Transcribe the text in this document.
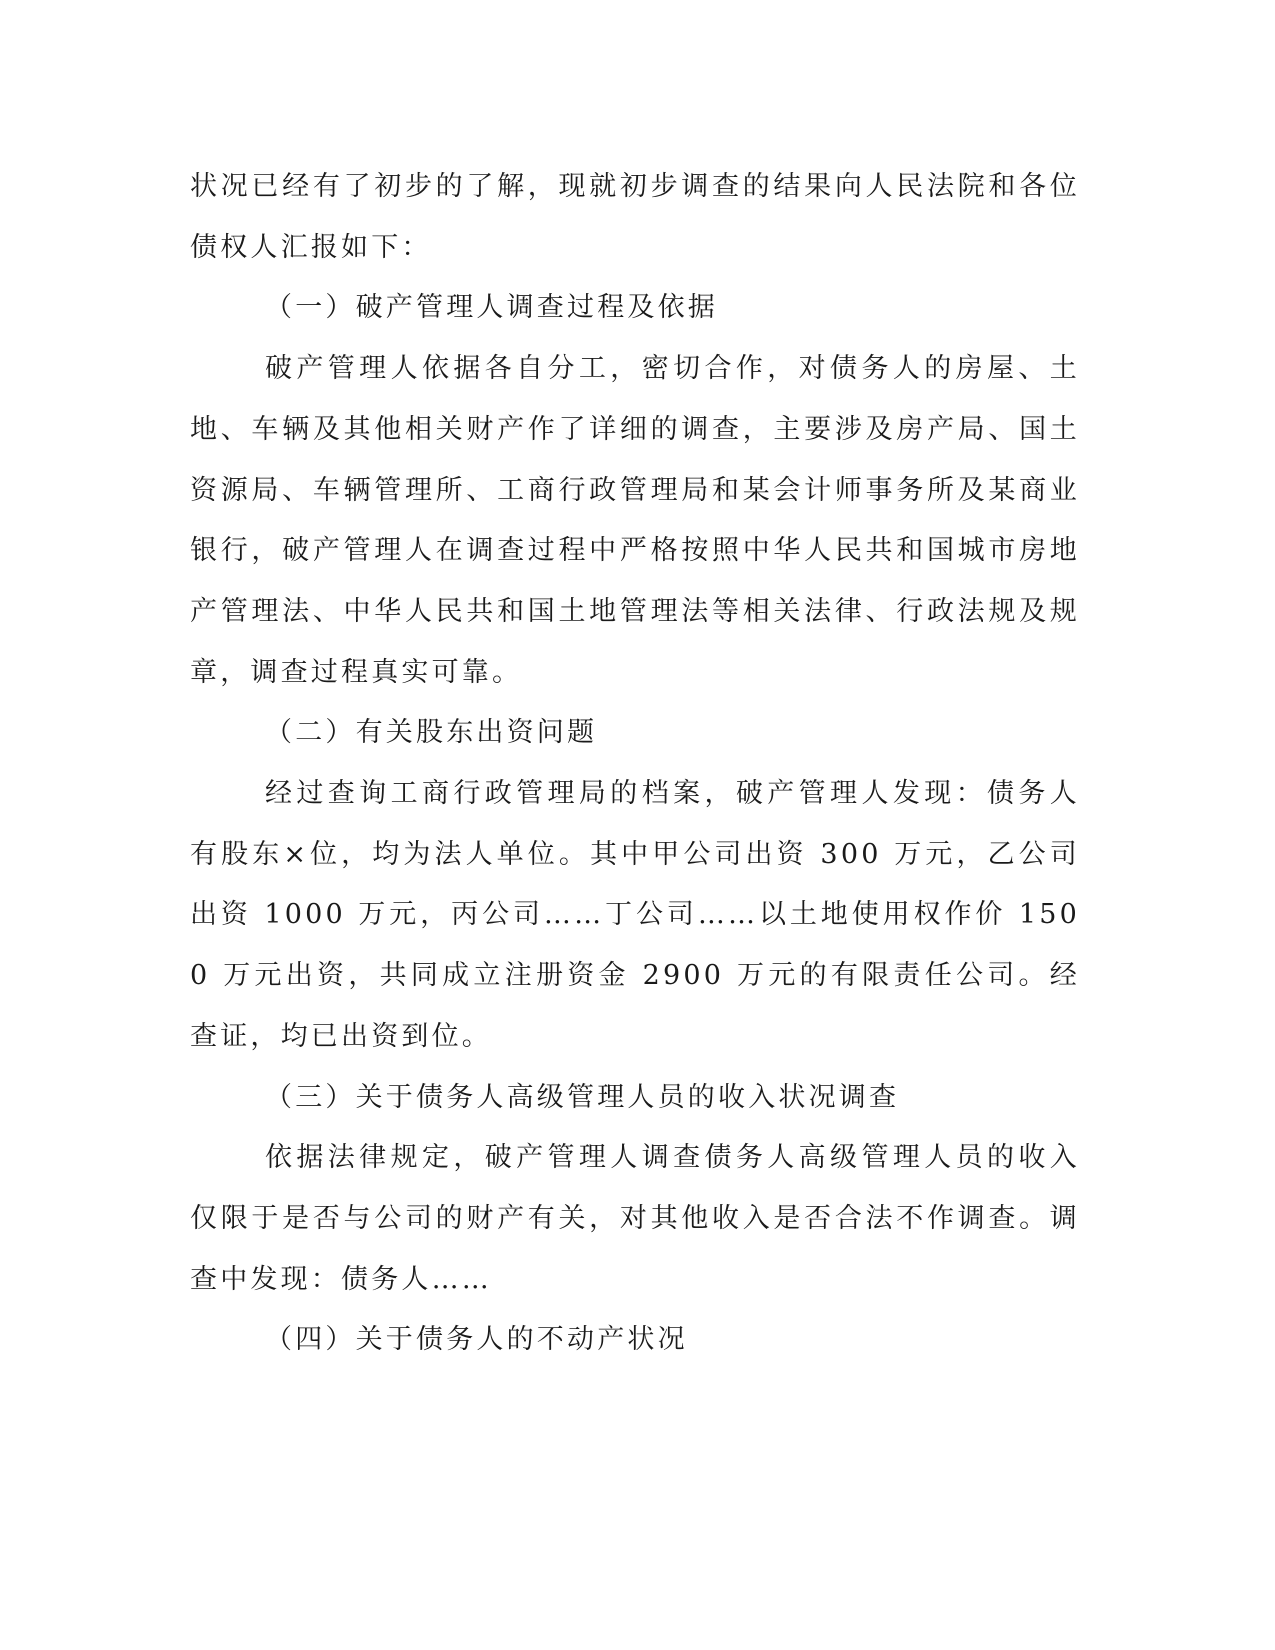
状况已经有了初步的了解，现就初步调查的结果向人民法院和各位债权人汇报如下：

（一）破产管理人调查过程及依据

破产管理人依据各自分工，密切合作，对债务人的房屋、土地、车辆及其他相关财产作了详细的调查，主要涉及房产局、国土资源局、车辆管理所、工商行政管理局和某会计师事务所及某商业银行，破产管理人在调查过程中严格按照中华人民共和国城市房地产管理法、中华人民共和国土地管理法等相关法律、行政法规及规章，调查过程真实可靠。

（二）有关股东出资问题

经过查询工商行政管理局的档案，破产管理人发现：债务人有股东×位，均为法人单位。其中甲公司出资 300 万元，乙公司出资 1000 万元，丙公司……丁公司……以土地使用权作价 1500 万元出资，共同成立注册资金 2900 万元的有限责任公司。经查证，均已出资到位。

（三）关于债务人高级管理人员的收入状况调查

依据法律规定，破产管理人调查债务人高级管理人员的收入仅限于是否与公司的财产有关，对其他收入是否合法不作调查。调查中发现：债务人……

（四）关于债务人的不动产状况
